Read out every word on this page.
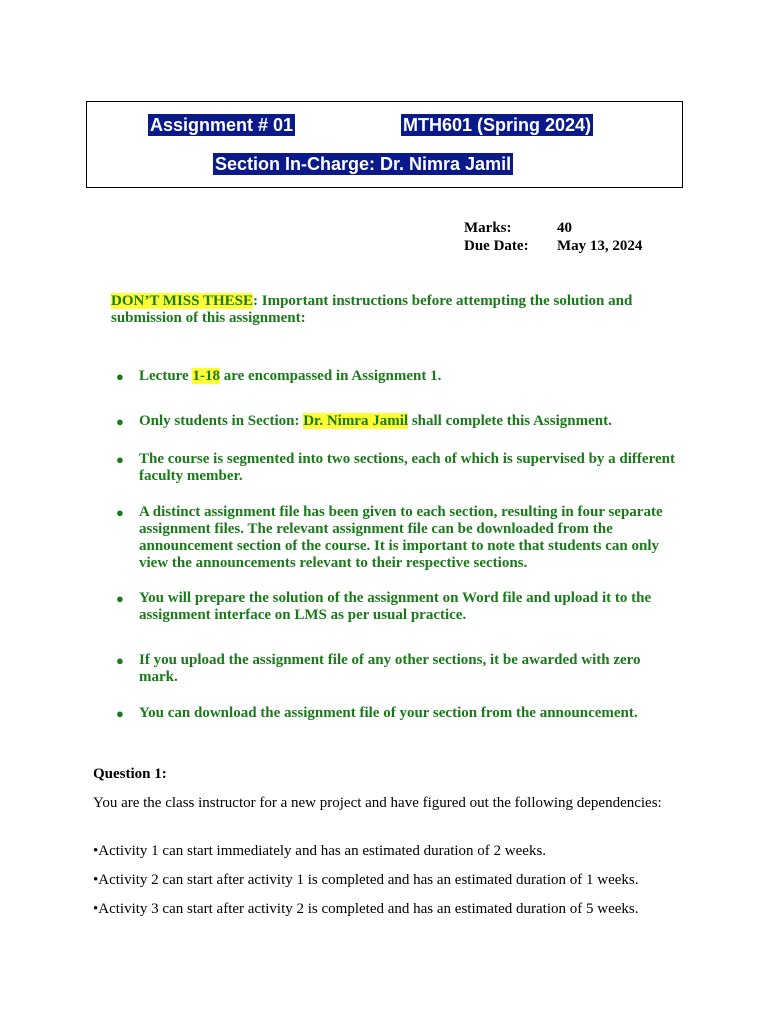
Assignment # 01	MTH601 (Spring 2024)
Section In-Charge: Dr. Nimra Jamil
Marks:	40
Due Date: May 13, 2024
DON’T MISS THESE: Important instructions before attempting the solution and submission of this assignment:
● Lecture 1-18 are encompassed in Assignment 1.
● Only students in Section: Dr. Nimra Jamil shall complete this Assignment.
● The course is segmented into two sections, each of which is supervised by a different faculty member.
● A distinct assignment file has been given to each section, resulting in four separate assignment files. The relevant assignment file can be downloaded from the announcement section of the course. It is important to note that students can only view the announcements relevant to their respective sections.
● You will prepare the solution of the assignment on Word file and upload it to the assignment interface on LMS as per usual practice.
● If you upload the assignment file of any other sections, it be awarded with zero mark.
● You can download the assignment file of your section from the announcement.
Question 1:
You are the class instructor for a new project and have figured out the following dependencies:
•Activity 1 can start immediately and has an estimated duration of 2 weeks.
•Activity 2 can start after activity 1 is completed and has an estimated duration of 1 weeks.
•Activity 3 can start after activity 2 is completed and has an estimated duration of 5 weeks.
